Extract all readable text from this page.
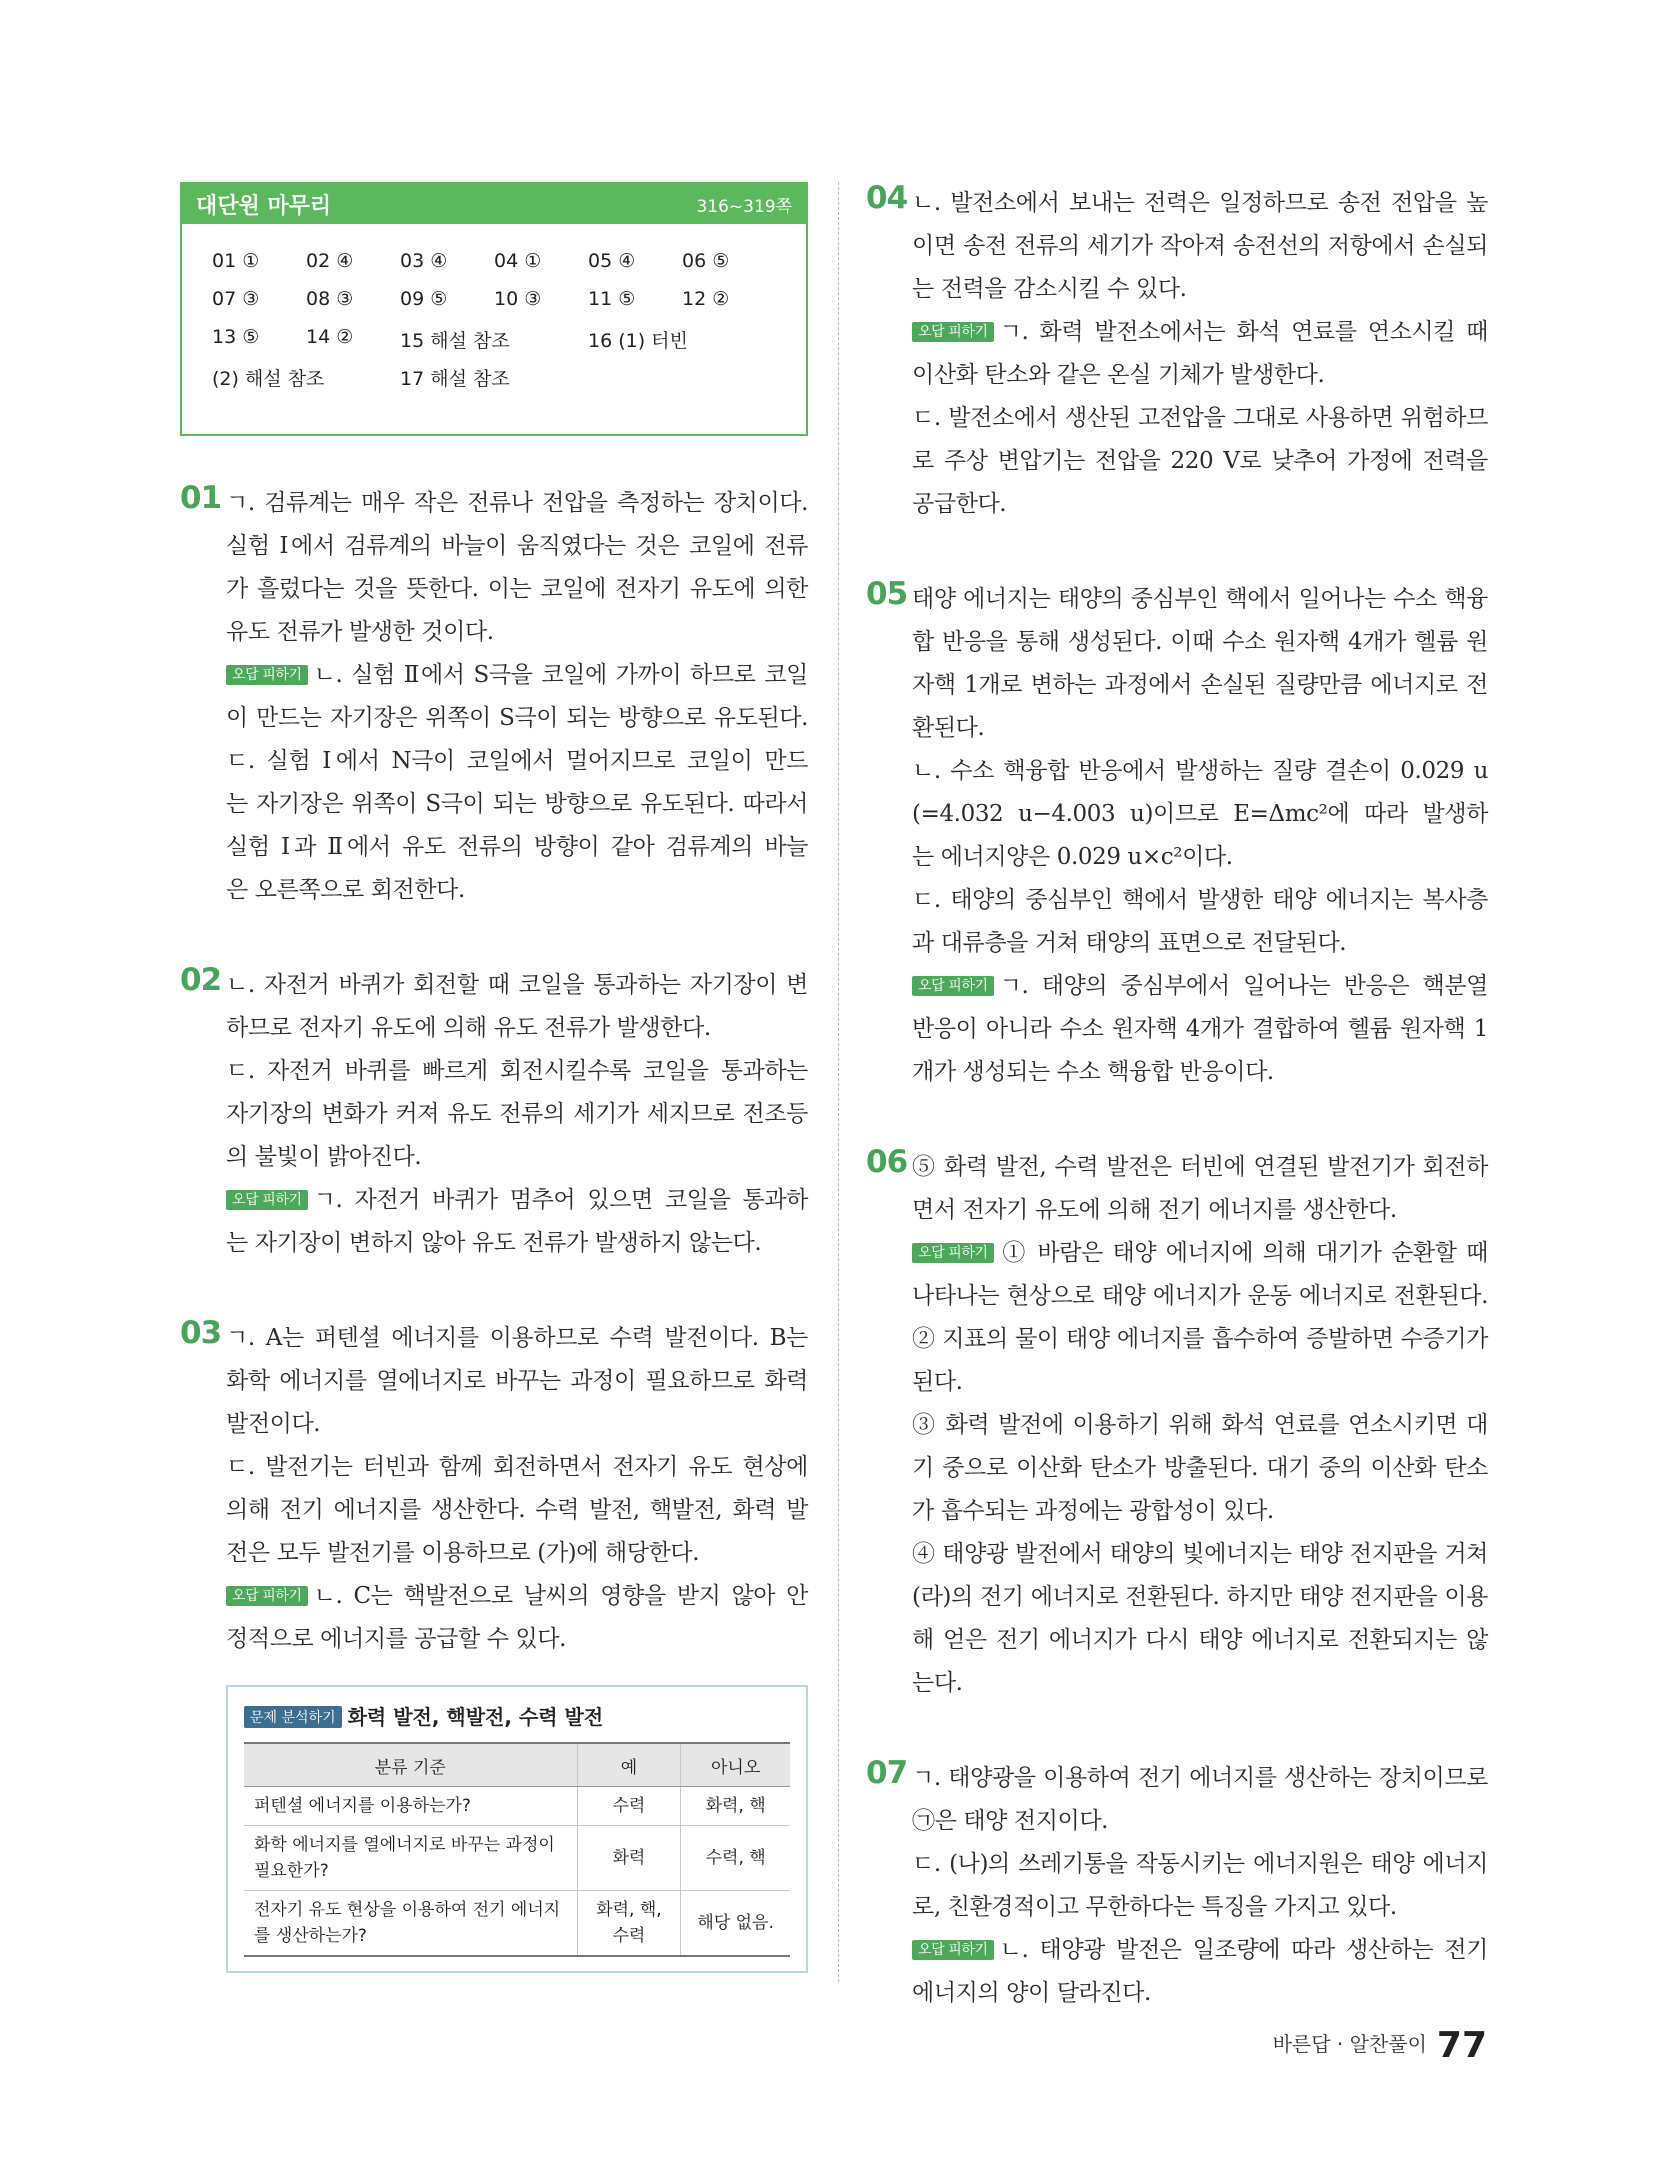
대단원 마무리	316~319쪽
01 ① 02 ④ 03 ④ 04 ① 05 ④ 06 ⑤
07 ③ 08 ③ 09 ⑤ 10 ③ 11 ⑤ 12 ②
13 ⑤ 14 ② 15 해설 참조	16 (1) 터빈
(2) 해설 참조	17 해설 참조
01 ㄱ. 검류계는 매우 작은 전류나 전압을 측정하는 장치이다.
실험 Ⅰ에서 검류계의 바늘이 움직였다는 것은 코일에 전류
가 흘렀다는 것을 뜻한다. 이는 코일에 전자기 유도에 의한
유도 전류가 발생한 것이다.
오답 피하기 ㄴ. 실험 Ⅱ에서 S극을 코일에 가까이 하므로 코일
이 만드는 자기장은 위쪽이 S극이 되는 방향으로 유도된다.
ㄷ. 실험 Ⅰ에서 N극이 코일에서 멀어지므로 코일이 만드
는 자기장은 위쪽이 S극이 되는 방향으로 유도된다. 따라서
실험 Ⅰ과 Ⅱ에서 유도 전류의 방향이 같아 검류계의 바늘
은 오른쪽으로 회전한다.
02 ㄴ. 자전거 바퀴가 회전할 때 코일을 통과하는 자기장이 변
하므로 전자기 유도에 의해 유도 전류가 발생한다.
ㄷ. 자전거 바퀴를 빠르게 회전시킬수록 코일을 통과하는
자기장의 변화가 커져 유도 전류의 세기가 세지므로 전조등
의 불빛이 밝아진다.
오답 피하기 ㄱ. 자전거 바퀴가 멈추어 있으면 코일을 통과하
는 자기장이 변하지 않아 유도 전류가 발생하지 않는다.
03 ㄱ. A는 퍼텐셜 에너지를 이용하므로 수력 발전이다. B는
화학 에너지를 열에너지로 바꾸는 과정이 필요하므로 화력
발전이다.
ㄷ. 발전기는 터빈과 함께 회전하면서 전자기 유도 현상에
의해 전기 에너지를 생산한다. 수력 발전, 핵발전, 화력 발
전은 모두 발전기를 이용하므로 (가)에 해당한다.
오답 피하기 ㄴ. C는 핵발전으로 날씨의 영향을 받지 않아 안
정적으로 에너지를 공급할 수 있다.
문제 분석하기 화력 발전, 핵발전, 수력 발전
분류 기준	예	아니오
퍼텐셜 에너지를 이용하는가?	수력	화력, 핵
화학 에너지를 열에너지로 바꾸는 과정이 필요한가?	화력	수력, 핵
전자기 유도 현상을 이용하여 전기 에너지를 생산하는가?	화력, 핵, 수력	해당 없음.
04 ㄴ. 발전소에서 보내는 전력은 일정하므로 송전 전압을 높
이면 송전 전류의 세기가 작아져 송전선의 저항에서 손실되
는 전력을 감소시킬 수 있다.
오답 피하기 ㄱ. 화력 발전소에서는 화석 연료를 연소시킬 때
이산화 탄소와 같은 온실 기체가 발생한다.
ㄷ. 발전소에서 생산된 고전압을 그대로 사용하면 위험하므
로 주상 변압기는 전압을 220 V로 낮추어 가정에 전력을
공급한다.
05 태양 에너지는 태양의 중심부인 핵에서 일어나는 수소 핵융
합 반응을 통해 생성된다. 이때 수소 원자핵 4개가 헬륨 원
자핵 1개로 변하는 과정에서 손실된 질량만큼 에너지로 전
환된다.
ㄴ. 수소 핵융합 반응에서 발생하는 질량 결손이 0.029 u
(=4.032 u−4.003 u)이므로 E=Δmc²에 따라 발생하
는 에너지양은 0.029 u×c²이다.
ㄷ. 태양의 중심부인 핵에서 발생한 태양 에너지는 복사층
과 대류층을 거쳐 태양의 표면으로 전달된다.
오답 피하기 ㄱ. 태양의 중심부에서 일어나는 반응은 핵분열
반응이 아니라 수소 원자핵 4개가 결합하여 헬륨 원자핵 1
개가 생성되는 수소 핵융합 반응이다.
06 ⑤ 화력 발전, 수력 발전은 터빈에 연결된 발전기가 회전하
면서 전자기 유도에 의해 전기 에너지를 생산한다.
오답 피하기 ① 바람은 태양 에너지에 의해 대기가 순환할 때
나타나는 현상으로 태양 에너지가 운동 에너지로 전환된다.
② 지표의 물이 태양 에너지를 흡수하여 증발하면 수증기가
된다.
③ 화력 발전에 이용하기 위해 화석 연료를 연소시키면 대
기 중으로 이산화 탄소가 방출된다. 대기 중의 이산화 탄소
가 흡수되는 과정에는 광합성이 있다.
④ 태양광 발전에서 태양의 빛에너지는 태양 전지판을 거쳐
(라)의 전기 에너지로 전환된다. 하지만 태양 전지판을 이용
해 얻은 전기 에너지가 다시 태양 에너지로 전환되지는 않
는다.
07 ㄱ. 태양광을 이용하여 전기 에너지를 생산하는 장치이므로
㉠은 태양 전지이다.
ㄷ. (나)의 쓰레기통을 작동시키는 에너지원은 태양 에너지
로, 친환경적이고 무한하다는 특징을 가지고 있다.
오답 피하기 ㄴ. 태양광 발전은 일조량에 따라 생산하는 전기
에너지의 양이 달라진다.
바른답 · 알찬풀이 77
